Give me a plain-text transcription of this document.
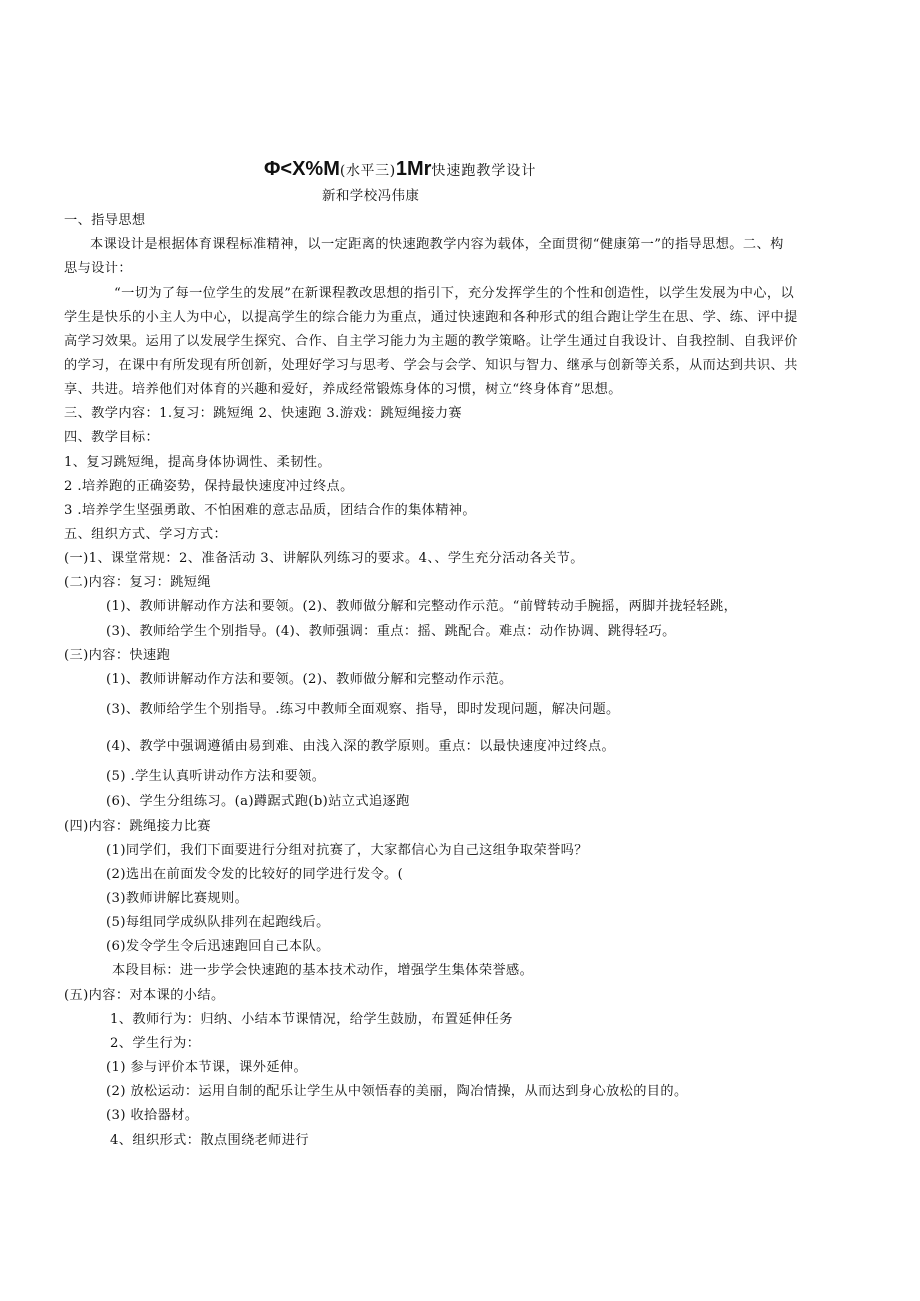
Φ<X%M(水平三)1Mr快速跑教学设计
新和学校冯伟康
一、指导思想
本课设计是根据体育课程标准精神，以一定距离的快速跑教学内容为载体，全面贯彻“健康第一”的指导思想。二、构
思与设计：
“一切为了每一位学生的发展”在新课程教改思想的指引下，充分发挥学生的个性和创造性，以学生发展为中心，以
学生是快乐的小主人为中心，以提高学生的综合能力为重点，通过快速跑和各种形式的组合跑让学生在思、学、练、评中提
高学习效果。运用了以发展学生探究、合作、自主学习能力为主题的教学策略。让学生通过自我设计、自我控制、自我评价
的学习，在课中有所发现有所创新，处理好学习与思考、学会与会学、知识与智力、继承与创新等关系，从而达到共识、共
享、共进。培养他们对体育的兴趣和爱好，养成经常锻炼身体的习惯，树立“终身体育”思想。
三、教学内容：1.复习：跳短绳 2、快速跑 3.游戏：跳短绳接力赛
四、教学目标：
1、复习跳短绳，提高身体协调性、柔韧性。
2 .培养跑的正确姿势，保持最快速度冲过终点。
3 .培养学生坚强勇敢、不怕困难的意志品质，团结合作的集体精神。
五、组织方式、学习方式：
(一)1、课堂常规：2、准备活动 3、讲解队列练习的要求。4、、学生充分活动各关节。
(二)内容：复习：跳短绳
(1)、教师讲解动作方法和要领。(2)、教师做分解和完整动作示范。“前臂转动手腕摇，两脚并拢轻轻跳，
(3)、教师给学生个别指导。(4)、教师强调：重点：摇、跳配合。难点：动作协调、跳得轻巧。
(三)内容：快速跑
(1)、教师讲解动作方法和要领。(2)、教师做分解和完整动作示范。
(3)、教师给学生个别指导。.练习中教师全面观察、指导，即时发现问题，解决问题。
(4)、教学中强调遵循由易到难、由浅入深的教学原则。重点：以最快速度冲过终点。
(5) .学生认真听讲动作方法和要领。
(6)、学生分组练习。(a)蹲踞式跑(b)站立式追逐跑
(四)内容：跳绳接力比赛
(1)同学们，我们下面要进行分组对抗赛了，大家都信心为自己这组争取荣誉吗？
(2)选出在前面发令发的比较好的同学进行发令。(
(3)教师讲解比赛规则。
(5)每组同学成纵队排列在起跑线后。
(6)发令学生令后迅速跑回自己本队。
本段目标：进一步学会快速跑的基本技术动作，增强学生集体荣誉感。
(五)内容：对本课的小结。
1、教师行为：归纳、小结本节课情况，给学生鼓励，布置延伸任务
2、学生行为：
(1) 参与评价本节课，课外延伸。
(2) 放松运动：运用自制的配乐让学生从中领悟春的美丽，陶冶情操，从而达到身心放松的目的。
(3) 收拾器材。
4、组织形式：散点围绕老师进行
